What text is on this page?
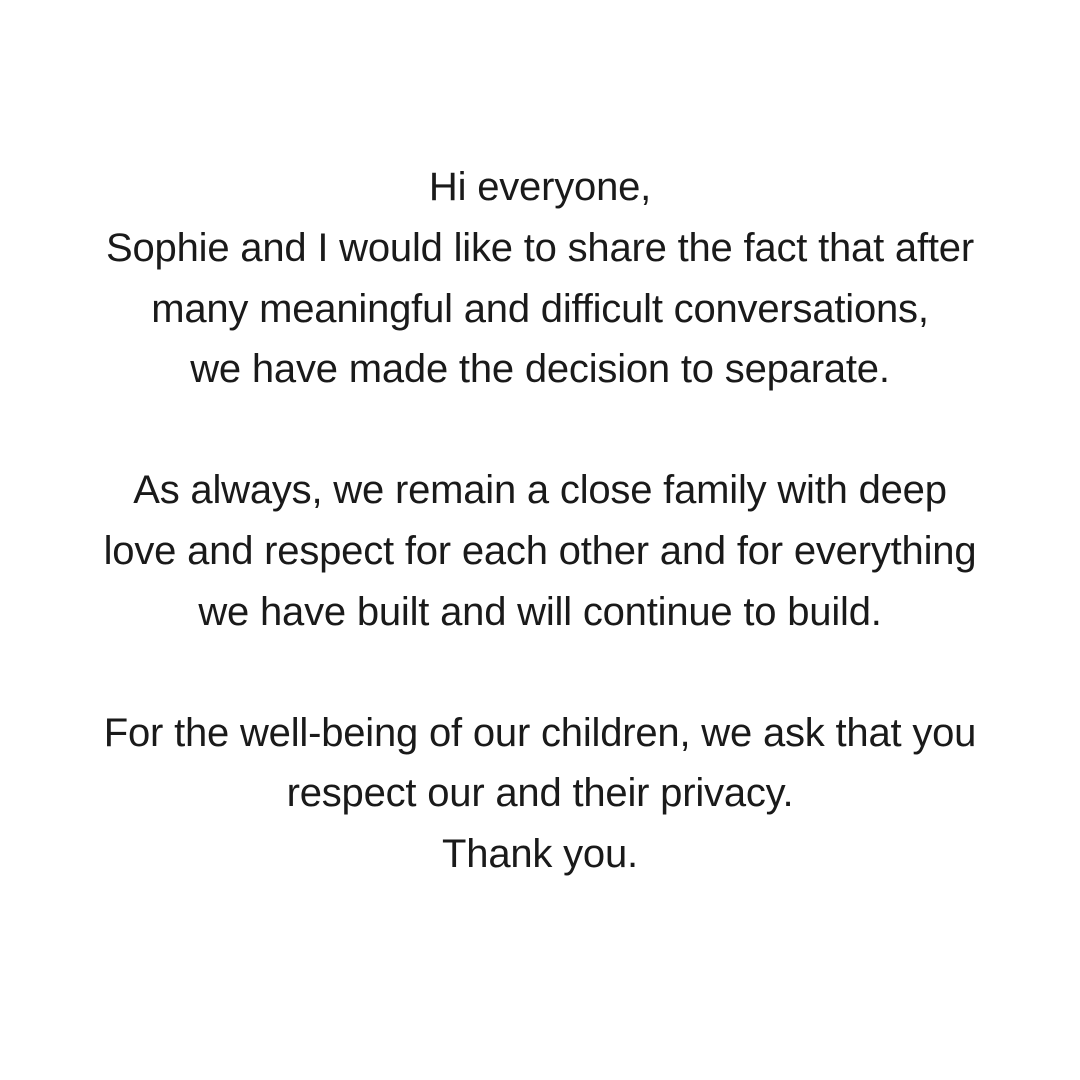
Hi everyone,
Sophie and I would like to share the fact that after
many meaningful and difficult conversations,
we have made the decision to separate.

As always, we remain a close family with deep
love and respect for each other and for everything
we have built and will continue to build.

For the well-being of our children, we ask that you
respect our and their privacy.
Thank you.
